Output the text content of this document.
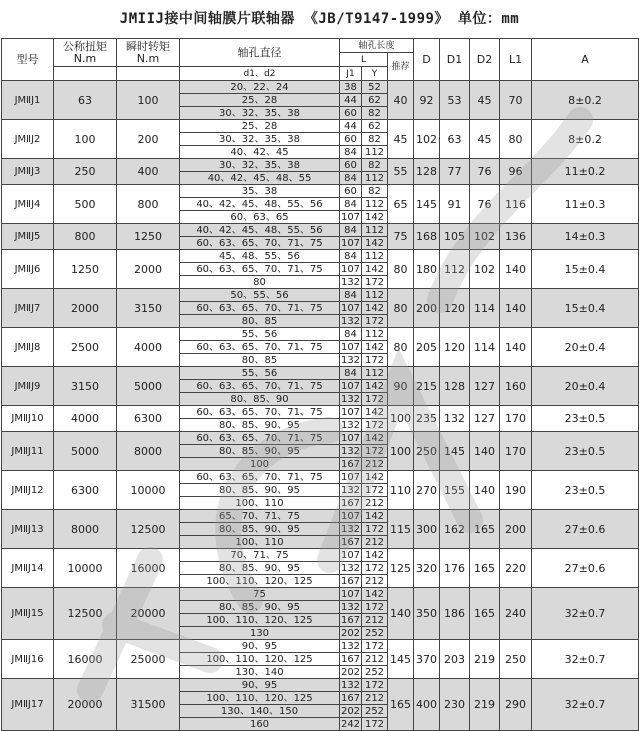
JMIIJ接中间轴膜片联轴器 《JB/T9147-1999》 单位：mm
型号	公称扭矩 N.m	瞬时转矩 N.m	轴孔直径	轴孔长度			D	D1	D2	L1	A
				L		推荐					
			d1、d2	J1	Y						
JMⅡJ1	63	100	20、22、24	38	52	40	92	53	45	70	8±0.2
			25、28	44	62						
			30、32、35、38	60	82						
JMⅡJ2	100	200	25、28	44	62	45	102	63	45	80	8±0.2
			30、32、35、38	60	82						
			40、42、45	84	112						
JMⅡJ3	250	400	30、32、35、38	60	82	55	128	77	76	96	11±0.2
			40、42、45、48、55	84	112						
JMⅡJ4	500	800	35、38	60	82	65	145	91	76	116	11±0.3
			40、42、45、48、55、56	84	112						
			60、63、65	107	142						
JMⅡJ5	800	1250	40、42、45、48、55、56	84	112	75	168	105	102	136	14±0.3
			60、63、65、70、71、75	107	142						
JMⅡJ6	1250	2000	45、48、55、56	84	112	80	180	112	102	140	15±0.4
			60、63、65、70、71、75	107	142						
			80	132	172						
JMⅡJ7	2000	3150	50、55、56	84	112	80	200	120	114	140	15±0.4
			60、63、65、70、71、75	107	142						
			80、85	132	172						
JMⅡJ8	2500	4000	55、56	84	112	80	205	120	114	140	20±0.4
			60、63、65、70、71、75	107	142						
			80、85	132	172						
JMⅡJ9	3150	5000	55、56	84	112	90	215	128	127	160	20±0.4
			60、63、65、70、71、75	107	142						
			80、85、90	132	172						
JMⅡJ10	4000	6300	60、63、65、70、71、75	107	142	100	235	132	127	170	23±0.5
			80、85、90、95	132	172						
JMⅡJ11	5000	8000	60、63、65、70、71、75	107	142	100	250	145	140	170	23±0.5
			80、85、90、95	132	172						
			100	167	212						
JMⅡJ12	6300	10000	60、63、65、70、71、75	107	142	110	270	155	140	190	23±0.5
			80、85、90、95	132	172						
			100、110	167	212						
JMⅡJ13	8000	12500	65、70、71、75	107	142	115	300	162	165	200	27±0.6
			80、85、90、95	132	172						
			100、110	167	212						
JMⅡJ14	10000	16000	70、71、75	107	142	125	320	176	165	220	27±0.6
			80、85、90、95	132	172						
			100、110、120、125	167	212						
JMⅡJ15	12500	20000	75	107	142	140	350	186	165	240	32±0.7
			80、85、90、95	132	172						
			100、110、120、125	167	212						
			130	202	252						
JMⅡJ16	16000	25000	90、95	132	172	145	370	203	219	250	32±0.7
			100、110、120、125	167	212						
			130、140	202	252						
JMⅡJ17	20000	31500	90、95	132	172	165	400	230	219	290	32±0.7
			100、110、120、125	167	212						
			130、140、150	202	252						
			160	242	172						
